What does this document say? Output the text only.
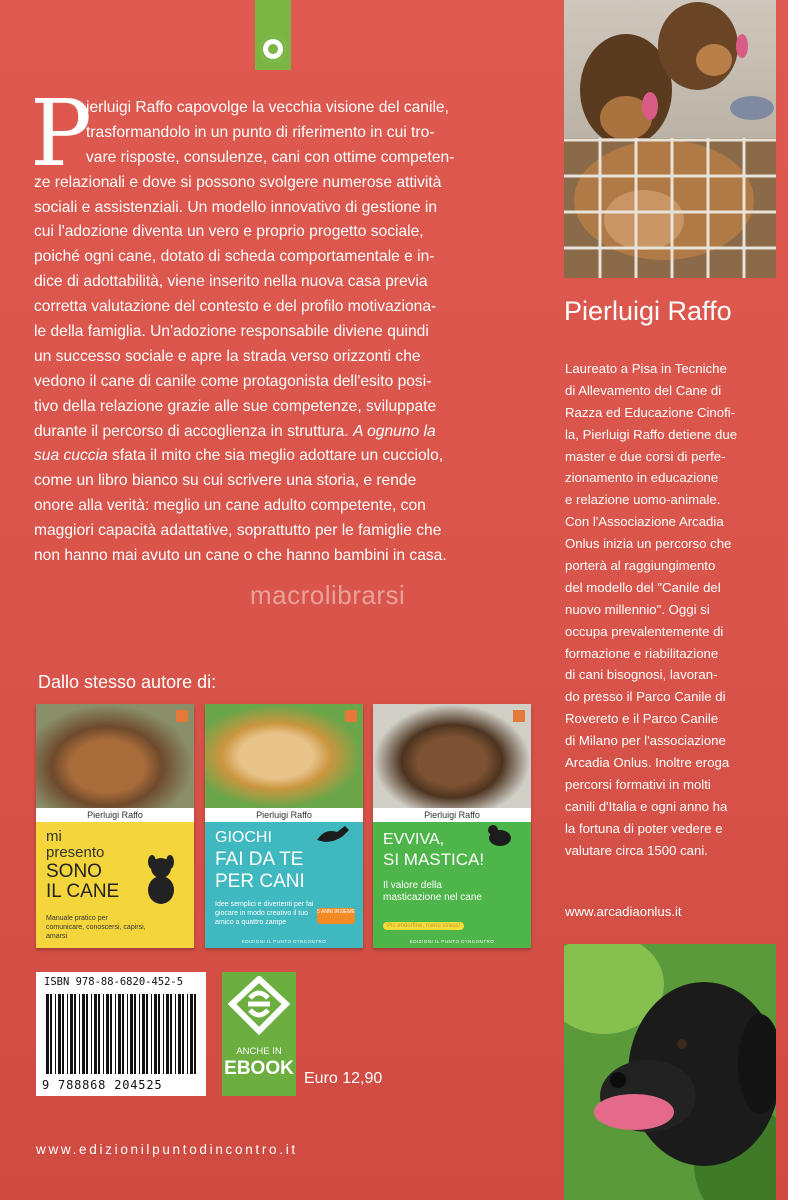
P
ierluigi Raffo capovolge la vecchia visione del canile,
trasformandolo in un punto di riferimento in cui tro-
vare risposte, consulenze, cani con ottime competen-
ze relazionali e dove si possono svolgere numerose attività
sociali e assistenziali. Un modello innovativo di gestione in
cui l'adozione diventa un vero e proprio progetto sociale,
poiché ogni cane, dotato di scheda comportamentale e in-
dice di adottabilità, viene inserito nella nuova casa previa
corretta valutazione del contesto e del profilo motivaziona-
le della famiglia. Un'adozione responsabile diviene quindi
un successo sociale e apre la strada verso orizzonti che
vedono il cane di canile come protagonista dell'esito posi-
tivo della relazione grazie alle sue competenze, sviluppate
durante il percorso di accoglienza in struttura. A ognuno la
sua cuccia sfata il mito che sia meglio adottare un cucciolo,
come un libro bianco su cui scrivere una storia, e rende
onore alla verità: meglio un cane adulto competente, con
maggiori capacità adattative, soprattutto per le famiglie che
non hanno mai avuto un cane o che hanno bambini in casa.
macrolibrarsi
Dallo stesso autore di:
Pierluigi Raffo
mi
presento
SONO
IL CANE
Manuale pratico per comunicare, conoscersi, capirsi, amarsi
Pierluigi Raffo
GIOCHI
FAI DA TE
PER CANI
Idee semplici e divertenti per fai giocare in modo creativo il tuo amico a quattro zampe
5 ANNI INSIEME
EDIZIONI IL PUNTO D'INCONTRO
Pierluigi Raffo
EVVIVA,
SI MASTICA!
Il valore della masticazione nel cane
Più endorfine, meno stress!
EDIZIONI IL PUNTO D'INCONTRO
ISBN 978-88-6820-452-5
9 788868 204525
ANCHE IN
EBOOK Euro 12,90
www.edizionilpuntodincontro.it
Pierluigi Raffo
Laureato a Pisa in Tecniche
di Allevamento del Cane di
Razza ed Educazione Cinofi-
la, Pierluigi Raffo detiene due
master e due corsi di perfe-
zionamento in educazione
e relazione uomo-animale.
Con l'Associazione Arcadia
Onlus inizia un percorso che
porterà al raggiungimento
del modello del "Canile del
nuovo millennio". Oggi si
occupa prevalentemente di
formazione e riabilitazione
di cani bisognosi, lavoran-
do presso il Parco Canile di
Rovereto e il Parco Canile
di Milano per l'associazione
Arcadia Onlus. Inoltre eroga
percorsi formativi in molti
canili d'Italia e ogni anno ha
la fortuna di poter vedere e
valutare circa 1500 cani.
www.arcadiaonlus.it
